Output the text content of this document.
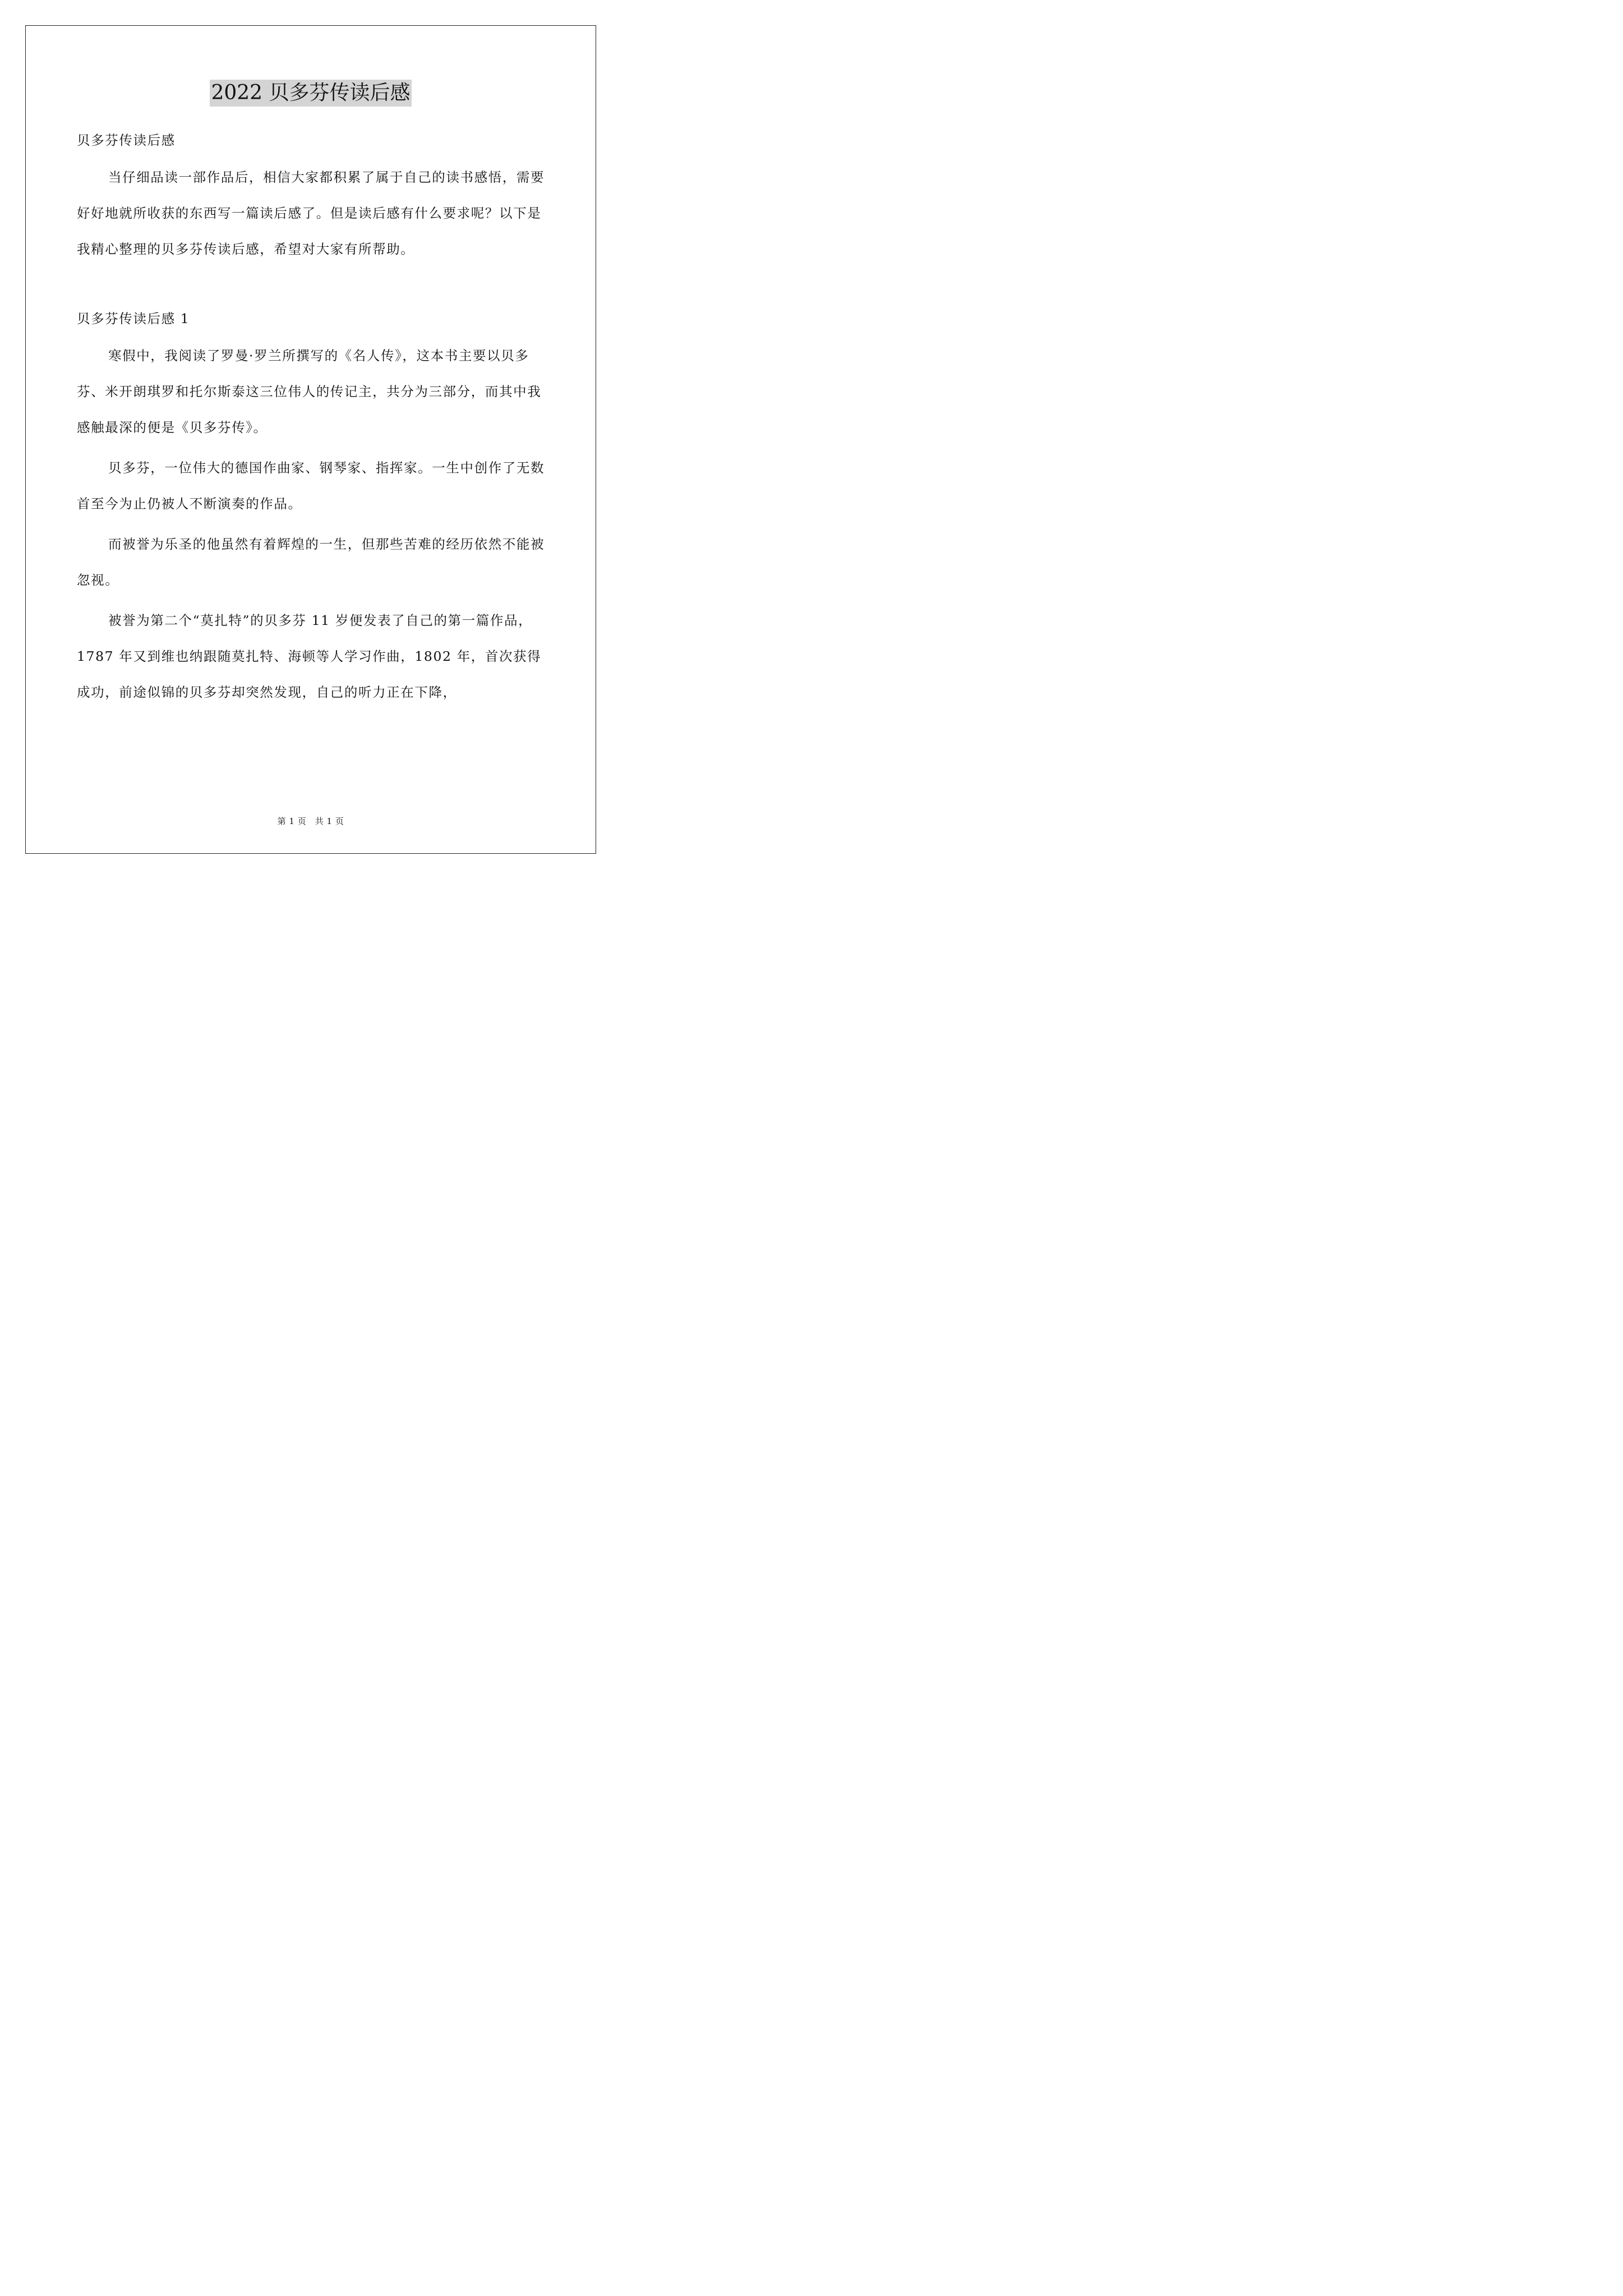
2022 贝多芬传读后感

贝多芬传读后感

当仔细品读一部作品后，相信大家都积累了属于自己的读书感悟，需要好好地就所收获的东西写一篇读后感了。但是读后感有什么要求呢？以下是我精心整理的贝多芬传读后感，希望对大家有所帮助。

贝多芬传读后感 1

寒假中，我阅读了罗曼·罗兰所撰写的《名人传》，这本书主要以贝多芬、米开朗琪罗和托尔斯泰这三位伟人的传记主，共分为三部分，而其中我感触最深的便是《贝多芬传》。

贝多芬，一位伟大的德国作曲家、钢琴家、指挥家。一生中创作了无数首至今为止仍被人不断演奏的作品。

而被誉为乐圣的他虽然有着辉煌的一生，但那些苦难的经历依然不能被忽视。

被誉为第二个“莫扎特”的贝多芬 11 岁便发表了自己的第一篇作品，1787 年又到维也纳跟随莫扎特、海顿等人学习作曲，1802 年，首次获得成功，前途似锦的贝多芬却突然发现，自己的听力正在下降，

第 1 页　共 1 页
